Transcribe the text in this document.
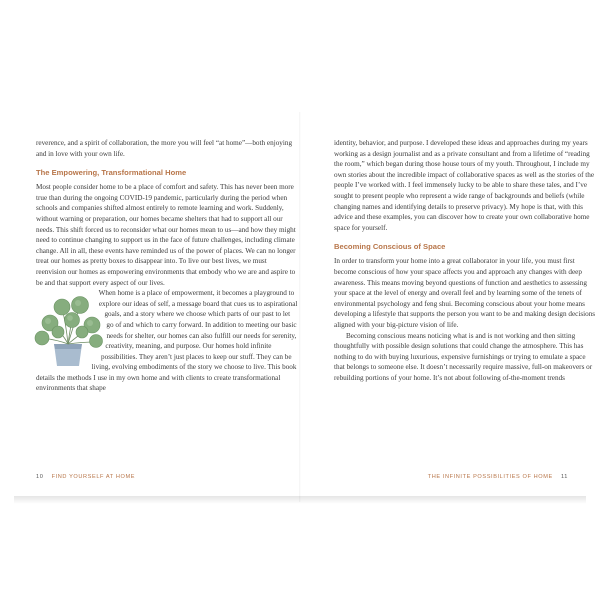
reverence, and a spirit of collaboration, the more you will feel “at home”—both enjoying and in love with your own life.

The Empowering, Transformational Home

Most people consider home to be a place of comfort and safety. This has never been more true than during the ongoing COVID-19 pandemic, particularly during the period when schools and companies shifted almost entirely to remote learning and work. Suddenly, without warning or preparation, our homes became shelters that had to support all our needs. This shift forced us to reconsider what our homes mean to us—and how they might need to continue changing to support us in the face of future challenges, including climate change. All in all, these events have reminded us of the power of places. We can no longer treat our homes as pretty boxes to disappear into. To live our best lives, we must reenvision our homes as empowering environments that embody who we are and aspire to be and that support every aspect of our lives.

When home is a place of empowerment, it becomes a playground to explore our ideas of self, a message board that cues us to aspirational goals, and a story where we choose which parts of our past to let go of and which to carry forward. In addition to meeting our basic needs for shelter, our homes can also fulfill our needs for serenity, creativity, meaning, and purpose. Our homes hold infinite possibilities. They aren’t just places to keep our stuff. They can be living, evolving embodiments of the story we choose to live. This book details the methods I use in my own home and with clients to create transformational environments that shape

identity, behavior, and purpose. I developed these ideas and approaches during my years working as a design journalist and as a private consultant and from a lifetime of “reading the room,” which began during those house tours of my youth. Throughout, I include my own stories about the incredible impact of collaborative spaces as well as the stories of the people I’ve worked with. I feel immensely lucky to be able to share these tales, and I’ve sought to present people who represent a wide range of backgrounds and beliefs (while changing names and identifying details to preserve privacy). My hope is that, with this advice and these examples, you can discover how to create your own collaborative home space for yourself.

Becoming Conscious of Space

In order to transform your home into a great collaborator in your life, you must first become conscious of how your space affects you and approach any changes with deep awareness. This means moving beyond questions of function and aesthetics to assessing your space at the level of energy and overall feel and by learning some of the tenets of environmental psychology and feng shui. Becoming conscious about your home means developing a lifestyle that supports the person you want to be and making design decisions aligned with your big-picture vision of life.

Becoming conscious means noticing what is and is not working and then sitting thoughtfully with possible design solutions that could change the atmosphere. This has nothing to do with buying luxurious, expensive furnishings or trying to emulate a space that belongs to someone else. It doesn’t necessarily require massive, full-on makeovers or rebuilding portions of your home. It’s not about following of-the-moment trends

10 FIND YOURSELF AT HOME	THE INFINITE POSSIBILITIES OF HOME 11
